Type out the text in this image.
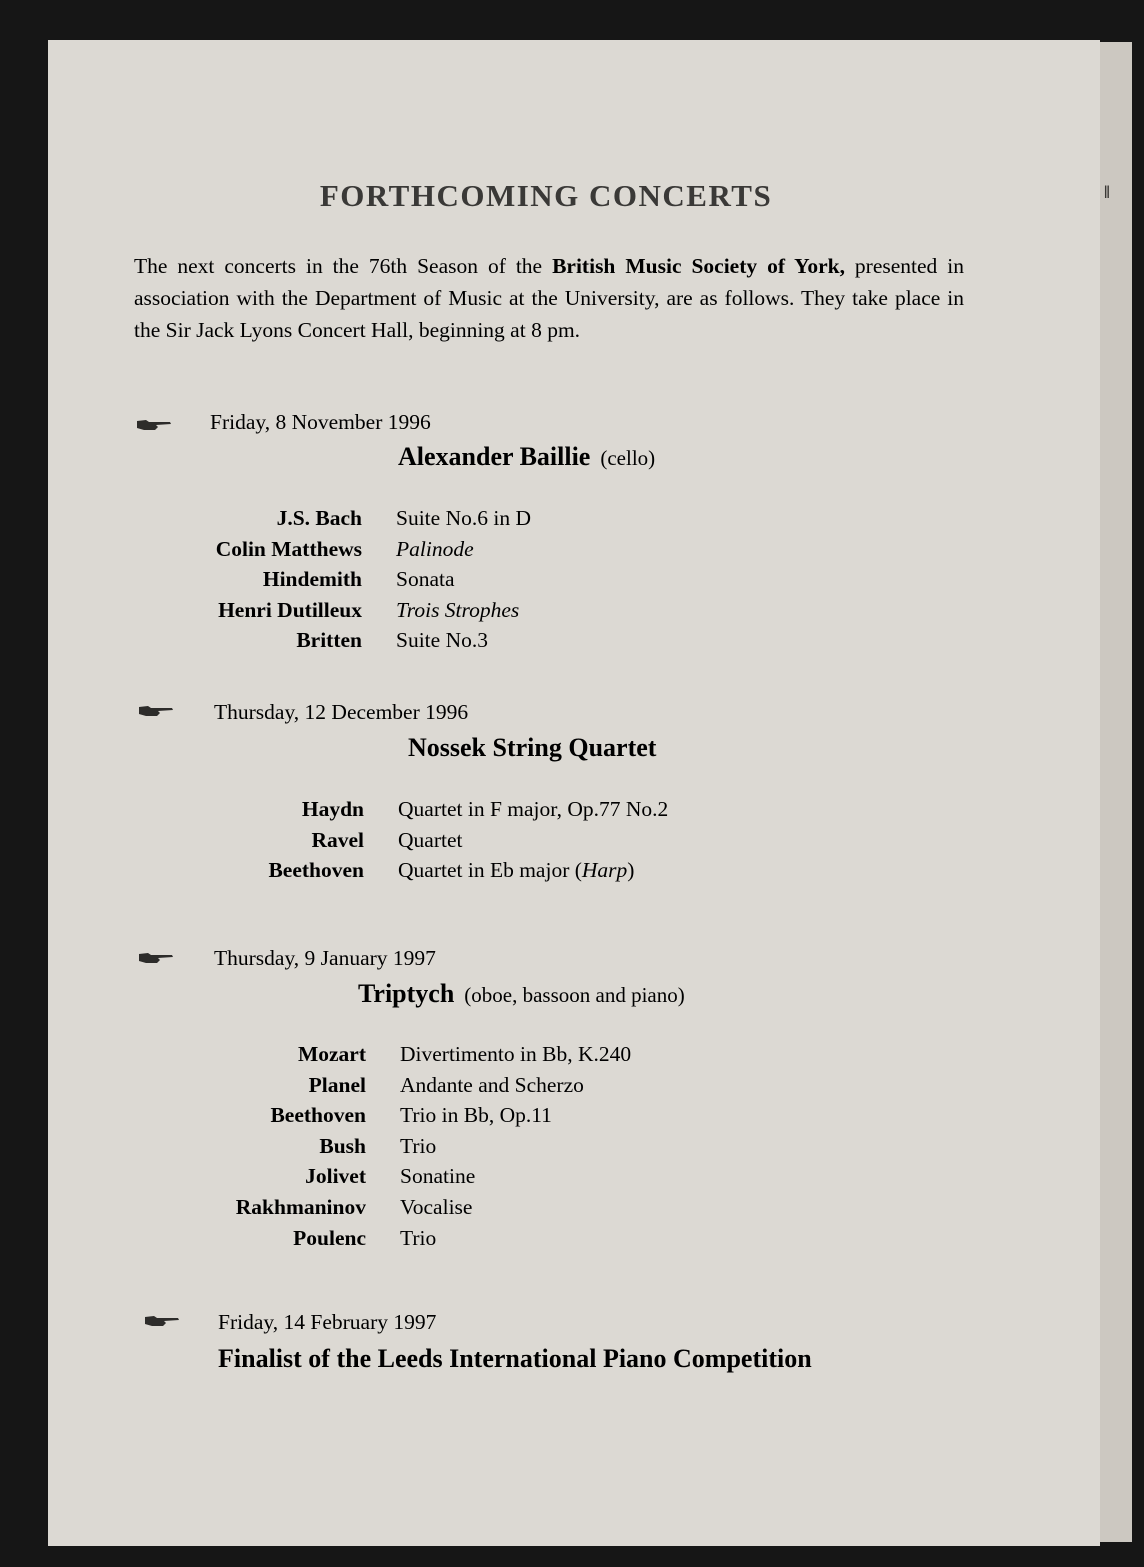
‖
FORTHCOMING CONCERTS

The next concerts in the 76th Season of the British Music Society of York, presented in association with the Department of Music at the University, are as follows. They take place in the Sir Jack Lyons Concert Hall, beginning at 8 pm.

Friday, 8 November 1996
Alexander Baillie (cello)
J.S. Bach	Suite No.6 in D
Colin Matthews	Palinode
Hindemith	Sonata
Henri Dutilleux	Trois Strophes
Britten	Suite No.3
Thursday, 12 December 1996
Nossek String Quartet
Haydn	Quartet in F major, Op.77 No.2
Ravel	Quartet
Beethoven	Quartet in Eb major (Harp)
Thursday, 9 January 1997
Triptych (oboe, bassoon and piano)
Mozart	Divertimento in Bb, K.240
Planel	Andante and Scherzo
Beethoven	Trio in Bb, Op.11
Bush	Trio
Jolivet	Sonatine
Rakhmaninov	Vocalise
Poulenc	Trio
Friday, 14 February 1997
Finalist of the Leeds International Piano Competition
